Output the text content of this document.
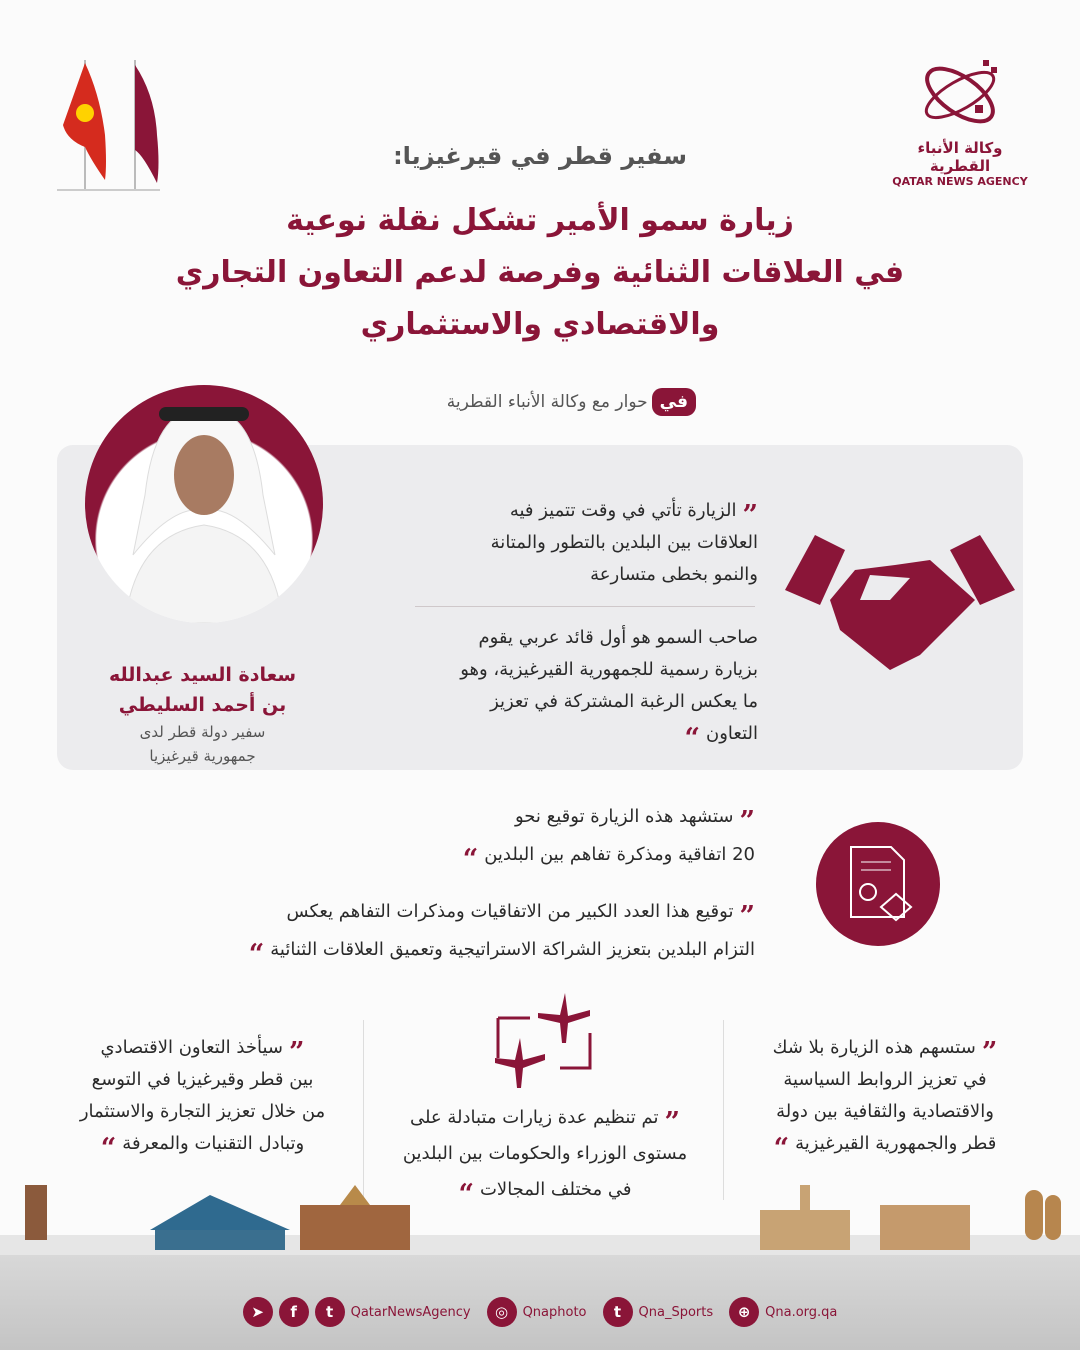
وكالة الأنباء القطرية
QATAR NEWS AGENCY
سفير قطر في قيرغيزيا:
زيارة سمو الأمير تشكل نقلة نوعية
في العلاقات الثنائية وفرصة لدعم التعاون التجاري
والاقتصادي والاستثماري
في
حوار مع وكالة الأنباء القطرية
سعادة السيد عبدالله
بن أحمد السليطي
سفير دولة قطر لدى
جمهورية قيرغيزيا
” الزيارة تأتي في وقت تتميز فيه
العلاقات بين البلدين بالتطور والمتانة
والنمو بخطى متسارعة
صاحب السمو هو أول قائد عربي يقوم
بزيارة رسمية للجمهورية القيرغيزية، وهو
ما يعكس الرغبة المشتركة في تعزيز
التعاون“
” ستشهد هذه الزيارة توقيع نحو
20 اتفاقية ومذكرة تفاهم بين البلدين“
” توقيع هذا العدد الكبير من الاتفاقيات ومذكرات التفاهم يعكس
التزام البلدين بتعزيز الشراكة الاستراتيجية وتعميق العلاقات الثنائية“
” ستسهم هذه الزيارة بلا شك
في تعزيز الروابط السياسية
والاقتصادية والثقافية بين دولة
قطر والجمهورية القيرغيزية“
” تم تنظيم عدة زيارات متبادلة على
مستوى الوزراء والحكومات بين البلدين
في مختلف المجالات“
” سيأخذ التعاون الاقتصادي
بين قطر وقيرغيزيا في التوسع
من خلال تعزيز التجارة والاستثمار
وتبادل التقنيات والمعرفة“
➤	f	t	QatarNewsAgency	◎	Qnaphoto	t	Qna_Sports	⊕	Qna.org.qa
